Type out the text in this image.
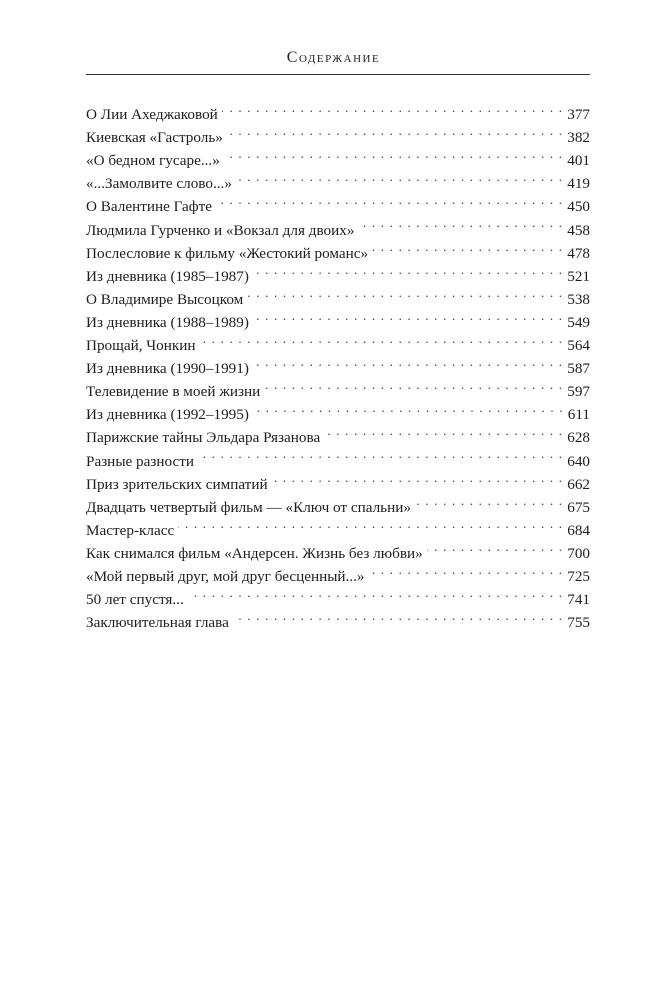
Содержание
О Лии Ахеджаковой . . .	377
Киевская «Гастроль» . . .	382
«О бедном гусаре...» . . .	401
«...Замолвите слово...» . . .	419
О Валентине Гафте . . .	450
Людмила Гурченко и «Вокзал для двоих» . . .	458
Послесловие к фильму «Жестокий романс» . . .	478
Из дневника (1985–1987) . . .	521
О Владимире Высоцком . . .	538
Из дневника (1988–1989) . . .	549
Прощай, Чонкин . . .	564
Из дневника (1990–1991) . . .	587
Телевидение в моей жизни . . .	597
Из дневника (1992–1995) . . .	611
Парижские тайны Эльдара Рязанова . . .	628
Разные разности . . .	640
Приз зрительских симпатий . . .	662
Двадцать четвертый фильм — «Ключ от спальни» . . .	675
Мастер-класс . . .	684
Как снимался фильм «Андерсен. Жизнь без любви» . . .	700
«Мой первый друг, мой друг бесценный...» . . .	725
50 лет спустя... . . .	741
Заключительная глава . . .	755
